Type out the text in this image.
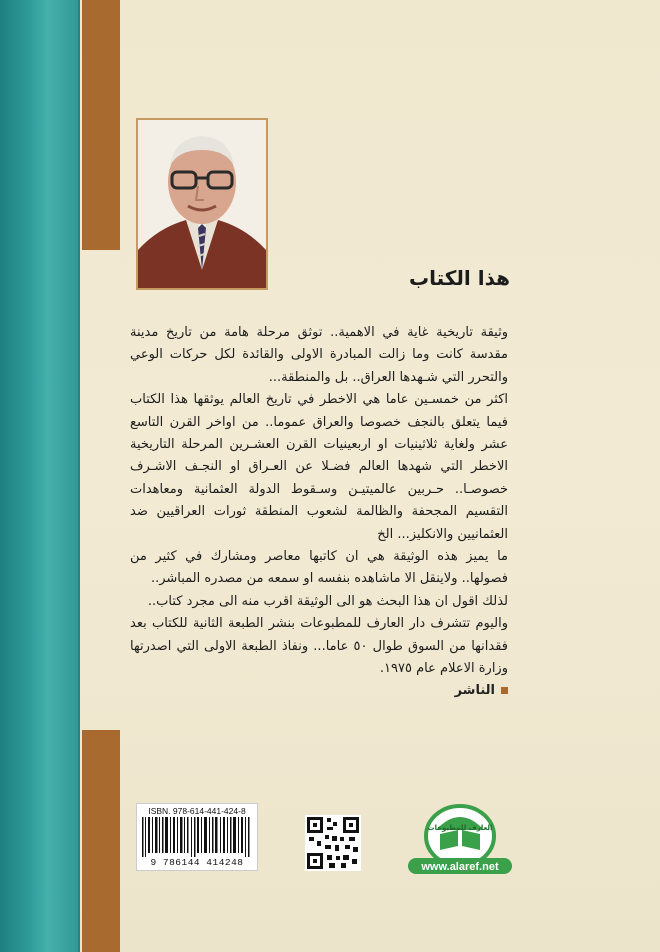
هذا الكتاب

وثيقة تاريخية غاية في الاهمية.. توثق مرحلة هامة من تاريخ مدينة مقدسة كانت وما زالت المبادرة الاولى والقائدة لكل حركات الوعي والتحرر التي شـهدها العراق.. بل والمنطقة...

اكثر من خمسـين عاما هي الاخطر في تاريخ العالم يوثقها هذا الكتاب فيما يتعلق بالنجف خصوصا والعراق عموما.. من اواخر القرن التاسع عشر ولغاية ثلاثينيات او اربعينيات القرن العشـرين المرحلة التاريخية الاخطر التي شهدها العالم فضـلا عن العـراق او النجـف الاشـرف خصوصـا.. حـربين عالميتيـن وسـقوط الدولة العثمانية ومعاهدات التقسيم المجحفة والظالمة لشعوب المنطقة ثورات العراقيين ضد العثمانيين والانكليز... الخ

ما يميز هذه الوثيقة هي ان كاتبها معاصر ومشارك في كثير من فصولها.. ولاينقل الا ماشاهده بنفسه او سمعه من مصدره المباشر..

لذلك اقول ان هذا البحث هو الى الوثيقة اقرب منه الى مجرد كتاب..

واليوم تتشرف دار العارف للمطبوعات بنشر الطبعة الثانية للكتاب بعد فقدانها من السوق طوال ٥٠ عاما... ونفاذ الطبعة الاولى التي اصدرتها وزارة الاعلام عام ١٩٧٥.

الناشر
ISBN. 978-614-441-424-8
9 786144 414248
العارف للمطبوعات
www.alaref.net
